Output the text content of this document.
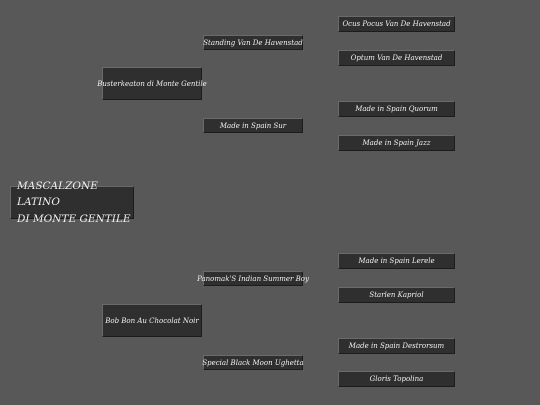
MASCALZONE LATINO
DI MONTE GENTILE
Busterkeaton di Monte Gentile
Bob Bon Au Chocolat Noir
Standing Van De Havenstad
Made in Spain Sur
Panomak'S Indian Summer Boy
Special Black Moon Ughetta
Ocus Pocus Van De Havenstad
Optum Van De Havenstad
Made in Spain Quorum
Made in Spain Jazz
Made in Spain Lerele
Starlen Kapriol
Made in Spain Destrorsum
Gloris Topolina
